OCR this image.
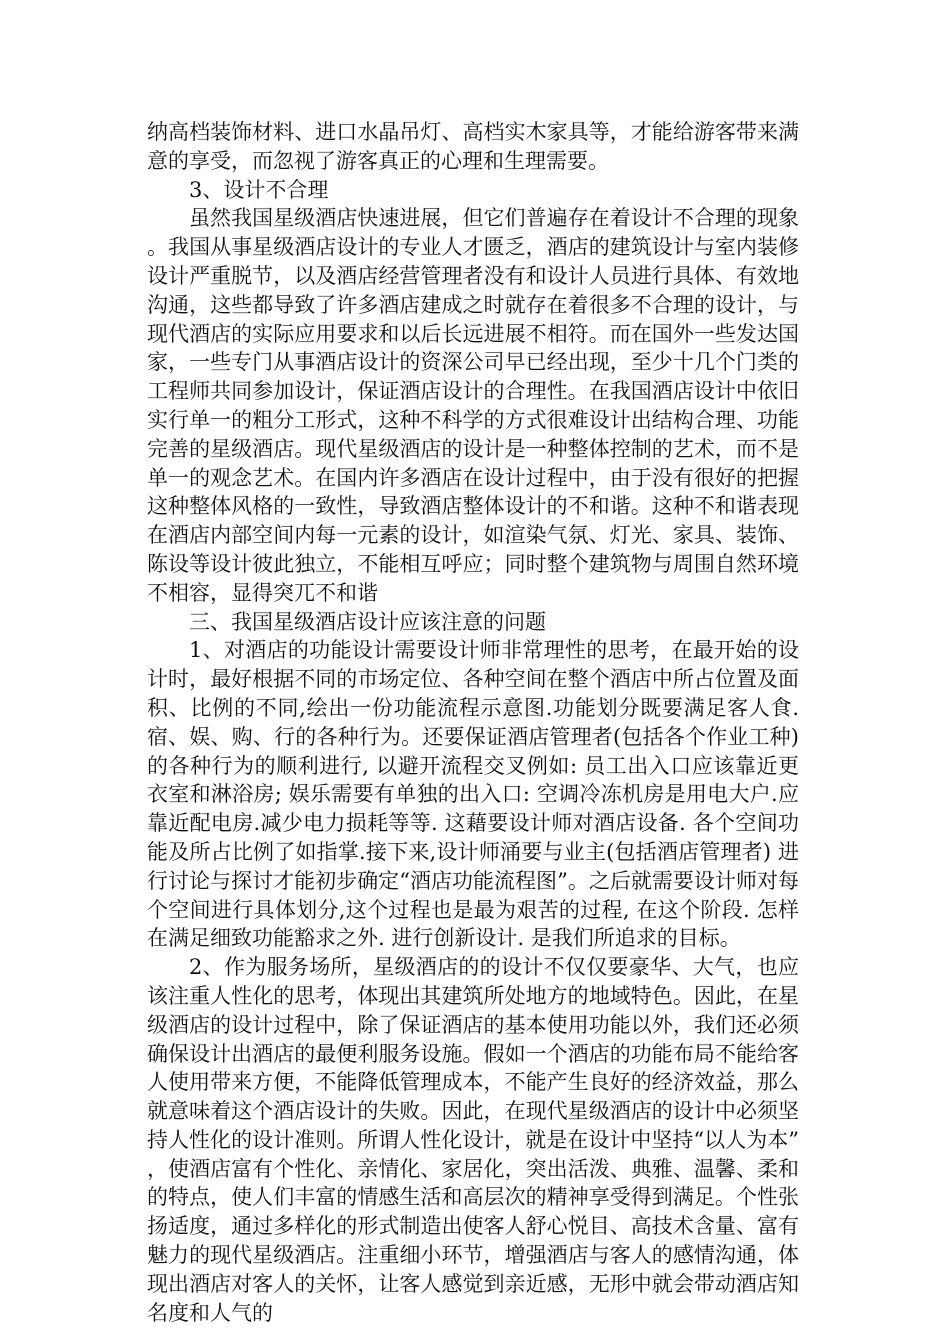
纳高档装饰材料、进口水晶吊灯、高档实木家具等，才能给游客带来满意的享受，而忽视了游客真正的心理和生理需要。

3、设计不合理

虽然我国星级酒店快速进展，但它们普遍存在着设计不合理的现象。我国从事星级酒店设计的专业人才匮乏，酒店的建筑设计与室内装修设计严重脱节，以及酒店经营管理者没有和设计人员进行具体、有效地沟通，这些都导致了许多酒店建成之时就存在着很多不合理的设计，与现代酒店的实际应用要求和以后长远进展不相符。而在国外一些发达国家，一些专门从事酒店设计的资深公司早已经出现，至少十几个门类的工程师共同参加设计，保证酒店设计的合理性。在我国酒店设计中依旧实行单一的粗分工形式，这种不科学的方式很难设计出结构合理、功能完善的星级酒店。现代星级酒店的设计是一种整体控制的艺术，而不是单一的观念艺术。在国内许多酒店在设计过程中，由于没有很好的把握这种整体风格的一致性，导致酒店整体设计的不和谐。这种不和谐表现在酒店内部空间内每一元素的设计，如渲染气氛、灯光、家具、装饰、陈设等设计彼此独立，不能相互呼应；同时整个建筑物与周围自然环境不相容，显得突兀不和谐

三、我国星级酒店设计应该注意的问题

1、对酒店的功能设计需要设计师非常理性的思考，在最开始的设计时，最好根据不同的市场定位、各种空间在整个酒店中所占位置及面积、比例的不同,绘出一份功能流程示意图.功能划分既要满足客人食. 宿、娱、购、行的各种行为。还要保证酒店管理者(包括各个作业工种) 的各种行为的顺利进行, 以避开流程交叉例如: 员工出入口应该靠近更衣室和淋浴房; 娱乐需要有单独的出入口: 空调冷冻机房是用电大户.应靠近配电房.减少电力损耗等等. 这藉要设计师对酒店设备. 各个空间功能及所占比例了如指掌.接下来,设计师涌要与业主(包括酒店管理者) 进行讨论与探讨才能初步确定“酒店功能流程图”。之后就需要设计师对每个空间进行具体划分,这个过程也是最为艰苦的过程, 在这个阶段. 怎样在满足细致功能豁求之外. 进行创新设计. 是我们所追求的目标。

2、作为服务场所，星级酒店的的设计不仅仅要豪华、大气，也应该注重人性化的思考，体现出其建筑所处地方的地域特色。因此，在星级酒店的设计过程中，除了保证酒店的基本使用功能以外，我们还必须确保设计出酒店的最便利服务设施。假如一个酒店的功能布局不能给客人使用带来方便，不能降低管理成本，不能产生良好的经济效益，那么就意味着这个酒店设计的失败。因此，在现代星级酒店的设计中必须坚持人性化的设计准则。所谓人性化设计，就是在设计中坚持“以人为本”，使酒店富有个性化、亲情化、家居化，突出活泼、典雅、温馨、柔和的特点，使人们丰富的情感生活和高层次的精神享受得到满足。个性张扬适度，通过多样化的形式制造出使客人舒心悦目、高技术含量、富有魅力的现代星级酒店。注重细小环节，增强酒店与客人的感情沟通，体现出酒店对客人的关怀，让客人感觉到亲近感，无形中就会带动酒店知名度和人气的
